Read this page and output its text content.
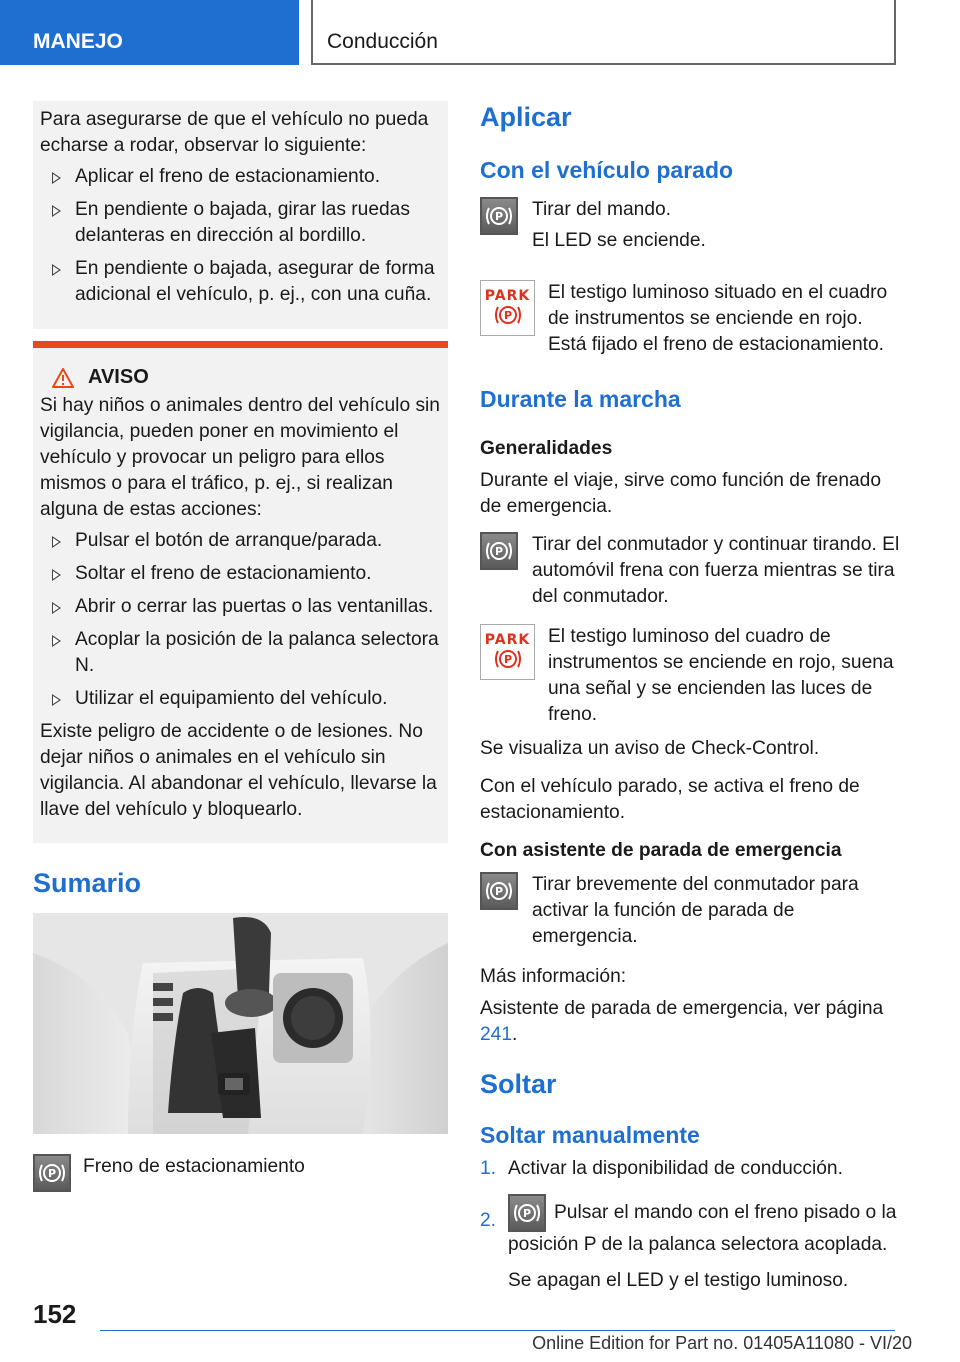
MANEJO	Conducción

Para asegurarse de que el vehículo no pueda echarse a rodar, observar lo siguiente:

Aplicar el freno de estacionamiento.
En pendiente o bajada, girar las ruedas delanteras en dirección al bordillo.
En pendiente o bajada, asegurar de forma adicional el vehículo, p. ej., con una cuña.
AVISO

Si hay niños o animales dentro del vehículo sin vigilancia, pueden poner en movimiento el vehículo y provocar un peligro para ellos mismos o para el tráfico, p. ej., si realizan alguna de estas acciones:

Pulsar el botón de arranque/parada.
Soltar el freno de estacionamiento.
Abrir o cerrar las puertas o las ventanillas.
Acoplar la posición de la palanca selectora N.
Utilizar el equipamiento del vehículo.

Existe peligro de accidente o de lesiones. No dejar niños o animales en el vehículo sin vigilancia. Al abandonar el vehículo, llevarse la llave del vehículo y bloquearlo.

Sumario
P Freno de estacionamiento
Aplicar
Con el vehículo parado
P Tirar del mando.
El LED se enciende.
PARK
P
El testigo luminoso situado en el cuadro de instrumentos se enciende en rojo. Está fijado el freno de estacionamiento.
Durante la marcha
Generalidades
Durante el viaje, sirve como función de frenado de emergencia.
P Tirar del conmutador y continuar tirando. El automóvil frena con fuerza mientras se tira del conmutador.
PARK
P
El testigo luminoso del cuadro de instrumentos se enciende en rojo, suena una señal y se encienden las luces de freno.
Se visualiza un aviso de Check-Control.
Con el vehículo parado, se activa el freno de estacionamiento.
Con asistente de parada de emergencia
P Tirar brevemente del conmutador para activar la función de parada de emergencia.
Más información:
Asistente de parada de emergencia, ver página 241.
Soltar
Soltar manualmente
1. Activar la disponibilidad de conducción.
2. P Pulsar el mando con el freno pisado o la posición P de la palanca selectora acoplada.
Se apagan el LED y el testigo luminoso.
152
Online Edition for Part no. 01405A11080 - VI/20
